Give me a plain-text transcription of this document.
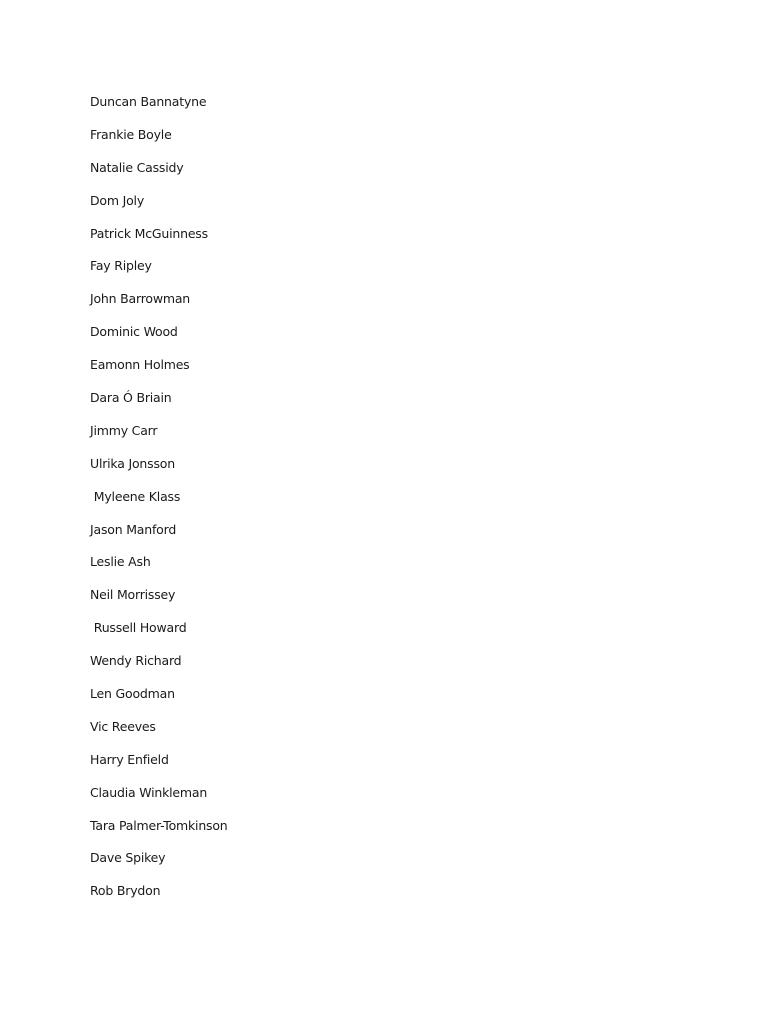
Duncan Bannatyne
Frankie Boyle
Natalie Cassidy
Dom Joly
Patrick McGuinness
Fay Ripley
John Barrowman
Dominic Wood
Eamonn Holmes
Dara Ó Briain
Jimmy Carr
Ulrika Jonsson
Myleene Klass
Jason Manford
Leslie Ash
Neil Morrissey
Russell Howard
Wendy Richard
Len Goodman
Vic Reeves
Harry Enfield
Claudia Winkleman
Tara Palmer-Tomkinson
Dave Spikey
Rob Brydon
